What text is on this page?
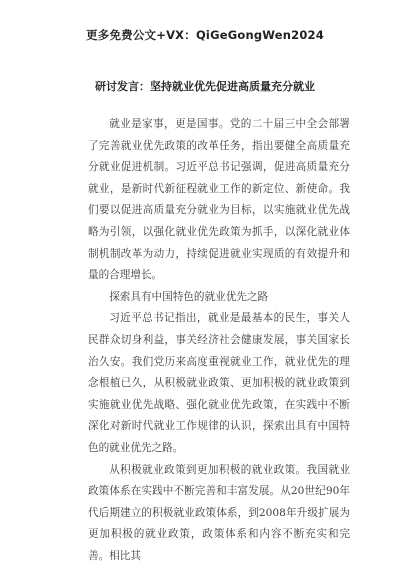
更多免费公文+VX：QiGeGongWen2024
研讨发言：坚持就业优先促进高质量充分就业

就业是家事，更是国事。党的二十届三中全会部署了完善就业优先政策的改革任务，指出要健全高质量充分就业促进机制。习近平总书记强调，促进高质量充分就业，是新时代新征程就业工作的新定位、新使命。我们要以促进高质量充分就业为目标，以实施就业优先战略为引领，以强化就业优先政策为抓手，以深化就业体制机制改革为动力，持续促进就业实现质的有效提升和量的合理增长。

探索具有中国特色的就业优先之路

习近平总书记指出，就业是最基本的民生，事关人民群众切身利益，事关经济社会健康发展，事关国家长治久安。我们党历来高度重视就业工作，就业优先的理念根植已久，从积极就业政策、更加积极的就业政策到实施就业优先战略、强化就业优先政策，在实践中不断深化对新时代就业工作规律的认识，探索出具有中国特色的就业优先之路。

从积极就业政策到更加积极的就业政策。我国就业政策体系在实践中不断完善和丰富发展。从20世纪90年代后期建立的积极就业政策体系，到2008年升级扩展为更加积极的就业政策，政策体系和内容不断充实和完善。相比其
